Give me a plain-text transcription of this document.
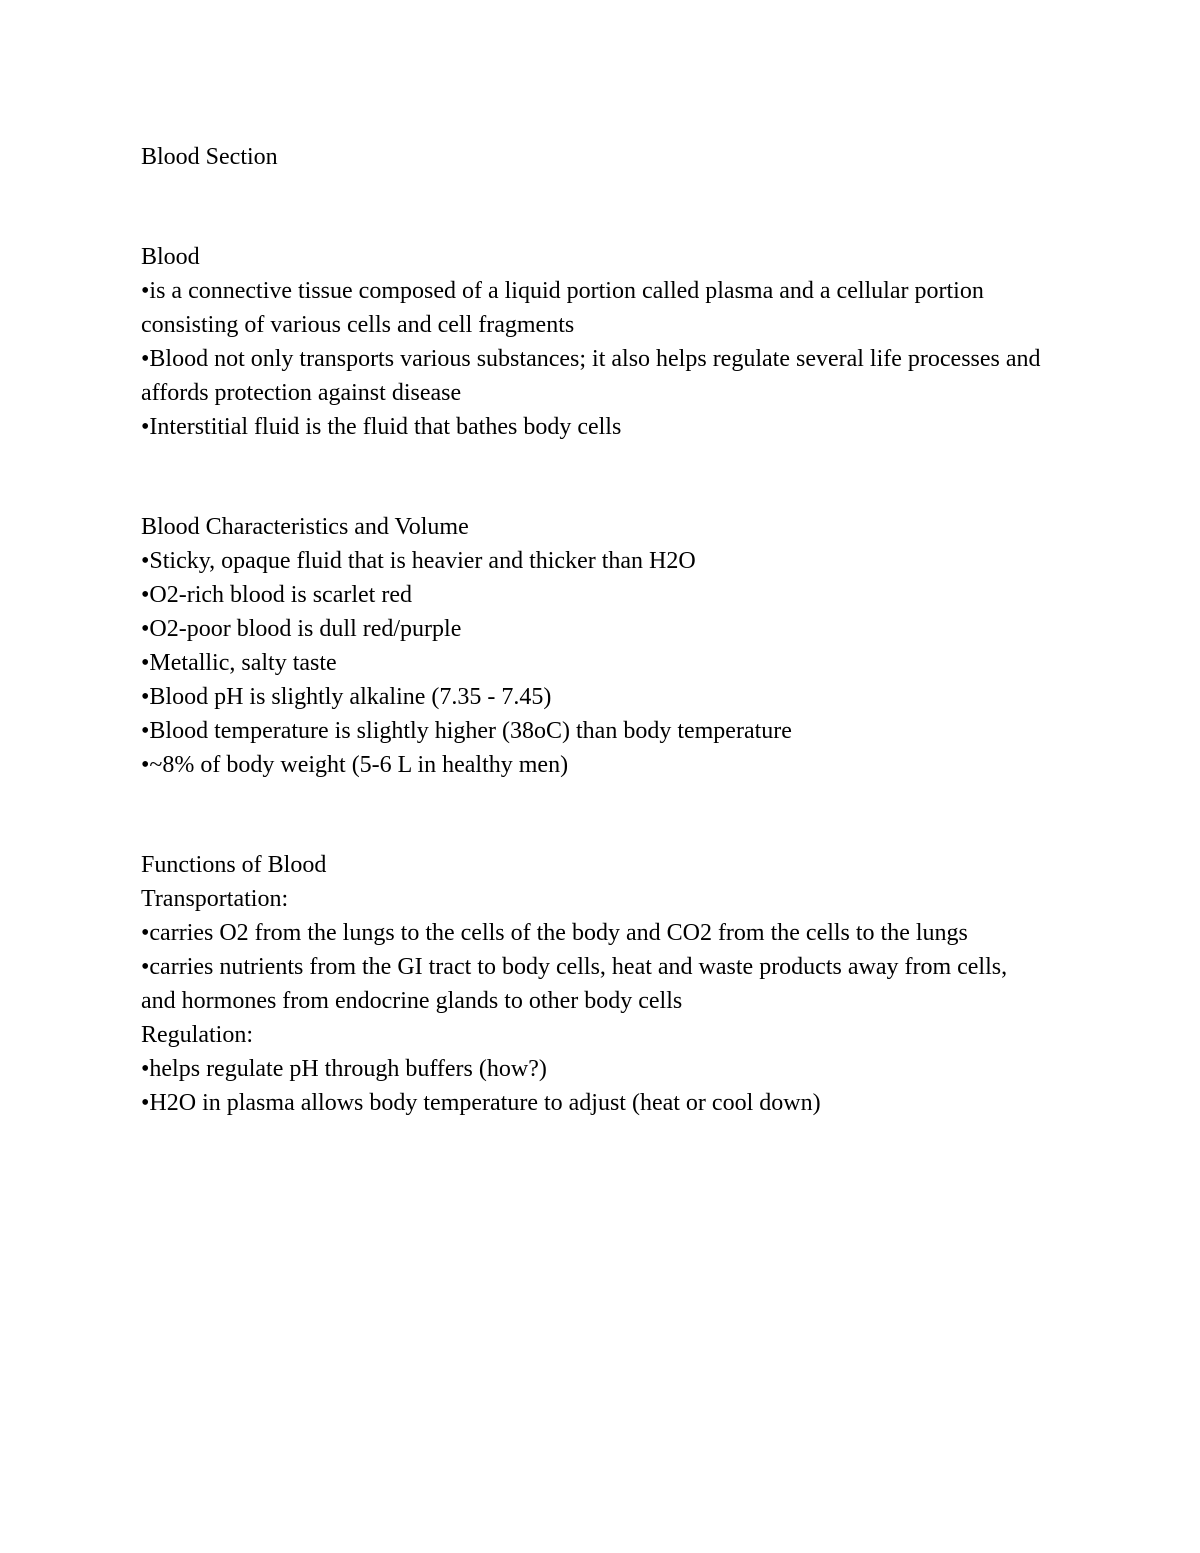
Blood Section

Blood

•is a connective tissue composed of a liquid portion called plasma and a cellular portion consisting of various cells and cell fragments

•Blood not only transports various substances; it also helps regulate several life processes and affords protection against disease

•Interstitial fluid is the fluid that bathes body cells

Blood Characteristics and Volume

•Sticky, opaque fluid that is heavier and thicker than H2O

•O2-rich blood is scarlet red

•O2-poor blood is dull red/purple

•Metallic, salty taste

•Blood pH is slightly alkaline (7.35 - 7.45)

•Blood temperature is slightly higher (38oC) than body temperature

•~8% of body weight (5-6 L in healthy men)

Functions of Blood

Transportation:

•carries O2 from the lungs to the cells of the body and CO2 from the cells to the lungs

•carries nutrients from the GI tract to body cells, heat and waste products away from cells, and hormones from endocrine glands to other body cells

Regulation:

•helps regulate pH through buffers (how?)

•H2O in plasma allows body temperature to adjust (heat or cool down)
